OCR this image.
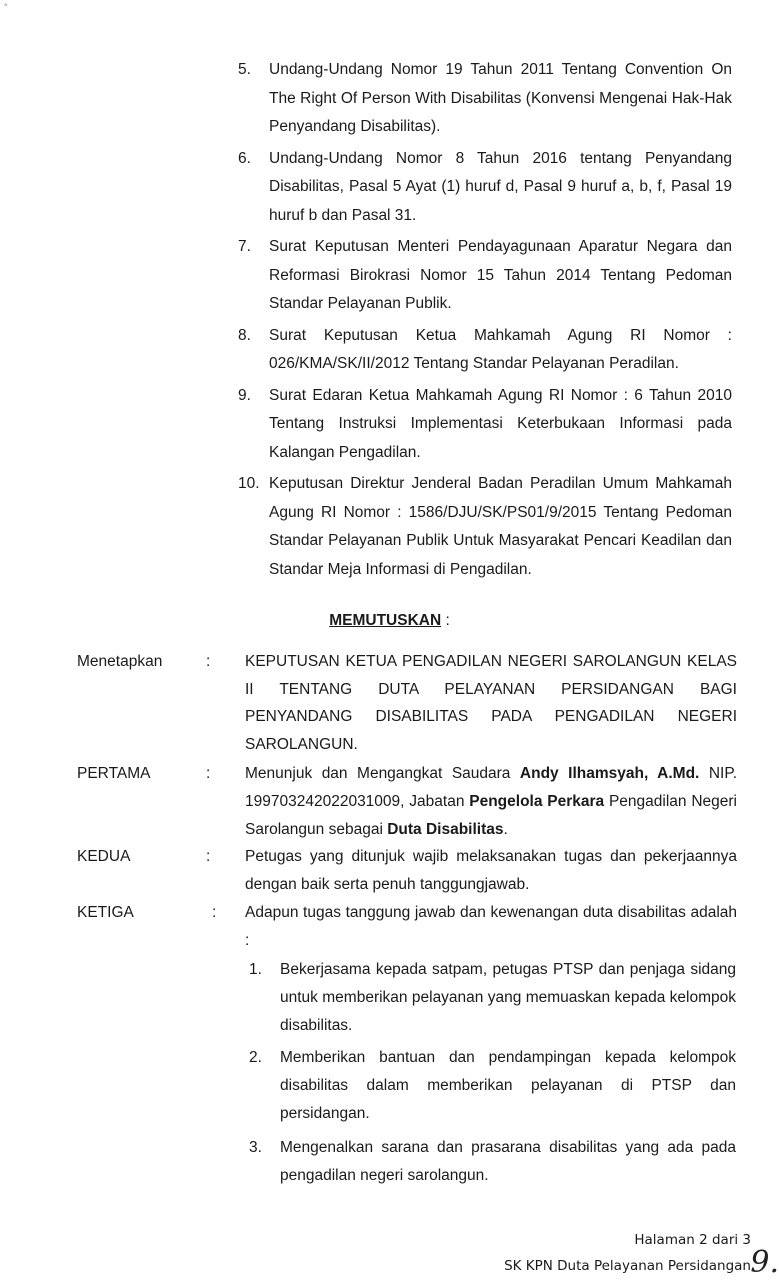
°
5.	Undang-Undang Nomor 19 Tahun 2011 Tentang Convention On The Right Of Person With Disabilitas (Konvensi Mengenai Hak-Hak Penyandang Disabilitas).
6.	Undang-Undang Nomor 8 Tahun 2016 tentang Penyandang Disabilitas, Pasal 5 Ayat (1) huruf d, Pasal 9 huruf a, b, f, Pasal 19 huruf b dan Pasal 31.
7.	Surat Keputusan Menteri Pendayagunaan Aparatur Negara dan Reformasi Birokrasi Nomor 15 Tahun 2014 Tentang Pedoman Standar Pelayanan Publik.
8.	Surat Keputusan Ketua Mahkamah Agung RI Nomor : 026/KMA/SK/II/2012 Tentang Standar Pelayanan Peradilan.
9.	Surat Edaran Ketua Mahkamah Agung RI Nomor : 6 Tahun 2010 Tentang Instruksi Implementasi Keterbukaan Informasi pada Kalangan Pengadilan.
10. Keputusan Direktur Jenderal Badan Peradilan Umum Mahkamah Agung RI Nomor : 1586/DJU/SK/PS01/9/2015 Tentang Pedoman Standar Pelayanan Publik Untuk Masyarakat Pencari Keadilan dan Standar Meja Informasi di Pengadilan.
MEMUTUSKAN :
Menetapkan	: KEPUTUSAN KETUA PENGADILAN NEGERI SAROLANGUN KELAS II TENTANG DUTA PELAYANAN PERSIDANGAN BAGI PENYANDANG DISABILITAS PADA PENGADILAN NEGERI SAROLANGUN.
PERTAMA	: Menunjuk dan Mengangkat Saudara Andy Ilhamsyah, A.Md. NIP. 199703242022031009, Jabatan Pengelola Perkara Pengadilan Negeri Sarolangun sebagai Duta Disabilitas.
KEDUA	: Petugas yang ditunjuk wajib melaksanakan tugas dan pekerjaannya dengan baik serta penuh tanggungjawab.
KETIGA	: Adapun tugas tanggung jawab dan kewenangan duta disabilitas adalah :
1. Bekerjasama kepada satpam, petugas PTSP dan penjaga sidang untuk memberikan pelayanan yang memuaskan kepada kelompok disabilitas.
2. Memberikan bantuan dan pendampingan kepada kelompok disabilitas dalam memberikan pelayanan di PTSP dan persidangan.
3. Mengenalkan sarana dan prasarana disabilitas yang ada pada pengadilan negeri sarolangun.
Halaman 2 dari 3
SK KPN Duta Pelayanan Persidangan 9.
